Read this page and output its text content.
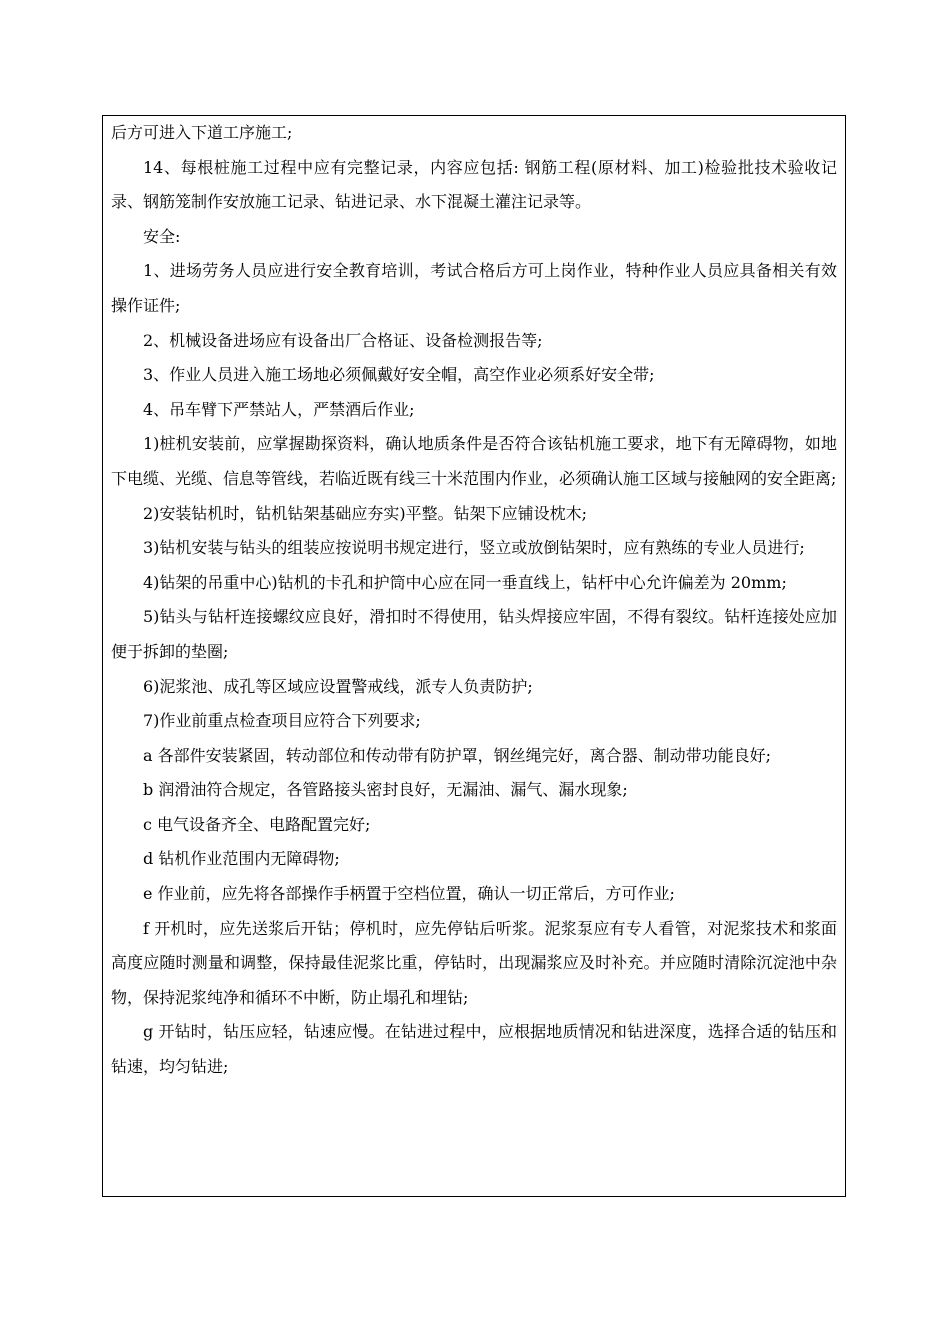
后方可进入下道工序施工;

14、每根桩施工过程中应有完整记录，内容应包括: 钢筋工程(原材料、加工)检验批技术验收记录、钢筋笼制作安放施工记录、钻进记录、水下混凝土灌注记录等。

安全:

1、进场劳务人员应进行安全教育培训，考试合格后方可上岗作业，特种作业人员应具备相关有效操作证件;

2、机械设备进场应有设备出厂合格证、设备检测报告等;

3、作业人员进入施工场地必须佩戴好安全帽，高空作业必须系好安全带;

4、吊车臂下严禁站人，严禁酒后作业;

1)桩机安装前，应掌握勘探资料，确认地质条件是否符合该钻机施工要求，地下有无障碍物，如地下电缆、光缆、信息等管线，若临近既有线三十米范围内作业，必须确认施工区域与接触网的安全距离;

2)安装钻机时，钻机钻架基础应夯实)平整。钻架下应铺设枕木;

3)钻机安装与钻头的组装应按说明书规定进行，竖立或放倒钻架时，应有熟练的专业人员进行;

4)钻架的吊重中心)钻机的卡孔和护筒中心应在同一垂直线上，钻杆中心允许偏差为 20mm;

5)钻头与钻杆连接螺纹应良好，滑扣时不得使用，钻头焊接应牢固，不得有裂纹。钻杆连接处应加便于拆卸的垫圈;

6)泥浆池、成孔等区域应设置警戒线，派专人负责防护;

7)作业前重点检查项目应符合下列要求;

a 各部件安装紧固，转动部位和传动带有防护罩，钢丝绳完好，离合器、制动带功能良好;

b 润滑油符合规定，各管路接头密封良好，无漏油、漏气、漏水现象;

c 电气设备齐全、电路配置完好;

d 钻机作业范围内无障碍物;

e 作业前，应先将各部操作手柄置于空档位置，确认一切正常后，方可作业;

f 开机时，应先送浆后开钻；停机时，应先停钻后听浆。泥浆泵应有专人看管，对泥浆技术和浆面高度应随时测量和调整，保持最佳泥浆比重，停钻时，出现漏浆应及时补充。并应随时清除沉淀池中杂物，保持泥浆纯净和循环不中断，防止塌孔和埋钻;

g 开钻时，钻压应轻，钻速应慢。在钻进过程中，应根据地质情况和钻进深度，选择合适的钻压和钻速，均匀钻进;
